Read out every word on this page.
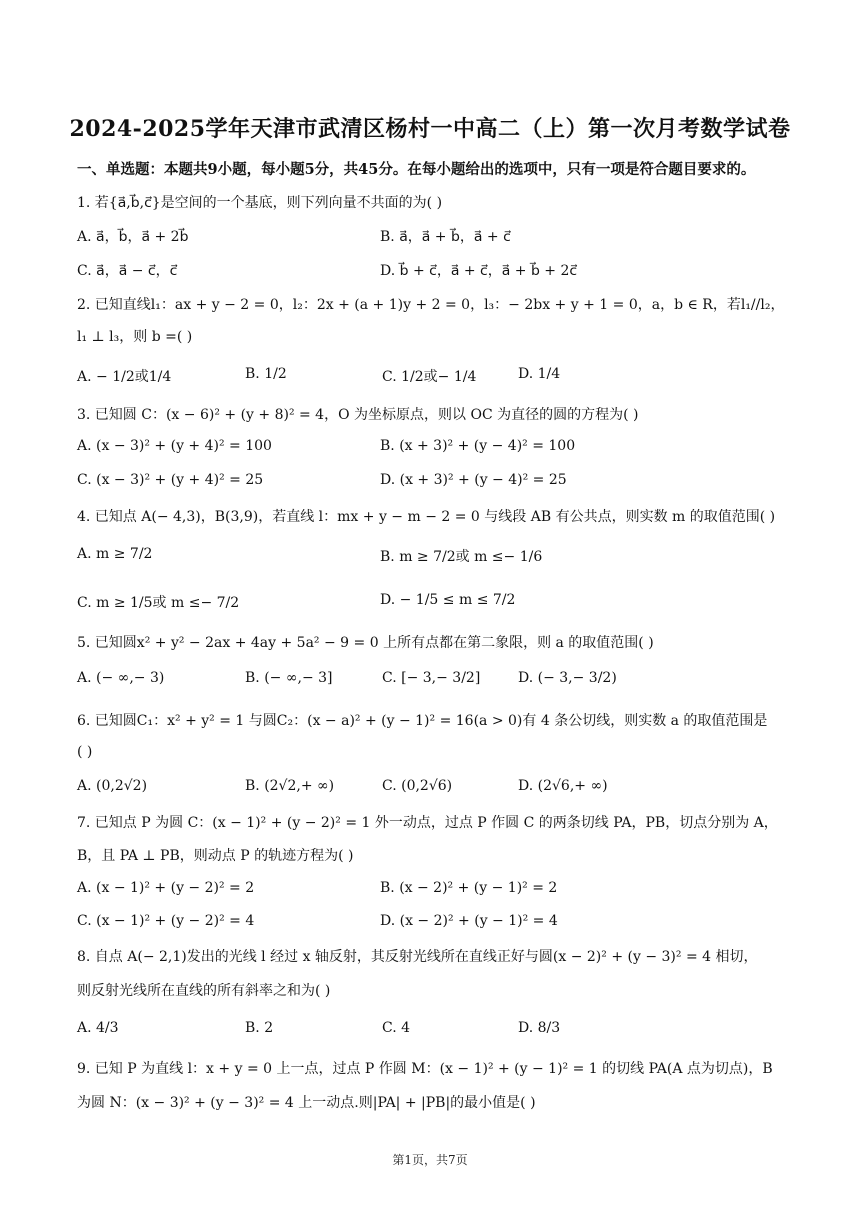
2024-2025学年天津市武清区杨村一中高二（上）第一次月考数学试卷
一、单选题：本题共9小题，每小题5分，共45分。在每小题给出的选项中，只有一项是符合题目要求的。
1. 若{a⃗,b⃗,c⃗}是空间的一个基底，则下列向量不共面的为( )
A. a⃗，b⃗，a⃗ + 2b⃗	B. a⃗，a⃗ + b⃗，a⃗ + c⃗
C. a⃗，a⃗ − c⃗，c⃗	D. b⃗ + c⃗，a⃗ + c⃗，a⃗ + b⃗ + 2c⃗
2. 已知直线l₁：ax + y − 2 = 0，l₂：2x + (a + 1)y + 2 = 0，l₃：− 2bx + y + 1 = 0，a，b ∈ R，若l₁//l₂，
l₁ ⊥ l₃，则 b =( )
A. − 1/2或1/4	B. 1/2	C. 1/2或− 1/4	D. 1/4
3. 已知圆 C：(x − 6)² + (y + 8)² = 4，O 为坐标原点，则以 OC 为直径的圆的方程为( )
A. (x − 3)² + (y + 4)² = 100	B. (x + 3)² + (y − 4)² = 100
C. (x − 3)² + (y + 4)² = 25	D. (x + 3)² + (y − 4)² = 25
4. 已知点 A(− 4,3)，B(3,9)，若直线 l：mx + y − m − 2 = 0 与线段 AB 有公共点，则实数 m 的取值范围( )
A. m ≥ 7/2	B. m ≥ 7/2或 m ≤− 1/6
C. m ≥ 1/5或 m ≤− 7/2	D. − 1/5 ≤ m ≤ 7/2
5. 已知圆x² + y² − 2ax + 4ay + 5a² − 9 = 0 上所有点都在第二象限，则 a 的取值范围( )
A. (− ∞,− 3)	B. (− ∞,− 3]	C. [− 3,− 3/2]	D. (− 3,− 3/2)
6. 已知圆C₁：x² + y² = 1 与圆C₂：(x − a)² + (y − 1)² = 16(a > 0)有 4 条公切线，则实数 a 的取值范围是
( )
A. (0,2√2)	B. (2√2,+ ∞)	C. (0,2√6)	D. (2√6,+ ∞)
7. 已知点 P 为圆 C：(x − 1)² + (y − 2)² = 1 外一动点，过点 P 作圆 C 的两条切线 PA，PB，切点分别为 A，
B，且 PA ⊥ PB，则动点 P 的轨迹方程为( )
A. (x − 1)² + (y − 2)² = 2	B. (x − 2)² + (y − 1)² = 2
C. (x − 1)² + (y − 2)² = 4	D. (x − 2)² + (y − 1)² = 4
8. 自点 A(− 2,1)发出的光线 l 经过 x 轴反射，其反射光线所在直线正好与圆(x − 2)² + (y − 3)² = 4 相切，
则反射光线所在直线的所有斜率之和为( )
A. 4/3	B. 2	C. 4	D. 8/3
9. 已知 P 为直线 l：x + y = 0 上一点，过点 P 作圆 M：(x − 1)² + (y − 1)² = 1 的切线 PA(A 点为切点)，B
为圆 N：(x − 3)² + (y − 3)² = 4 上一动点.则|PA| + |PB|的最小值是( )
第1页，共7页
